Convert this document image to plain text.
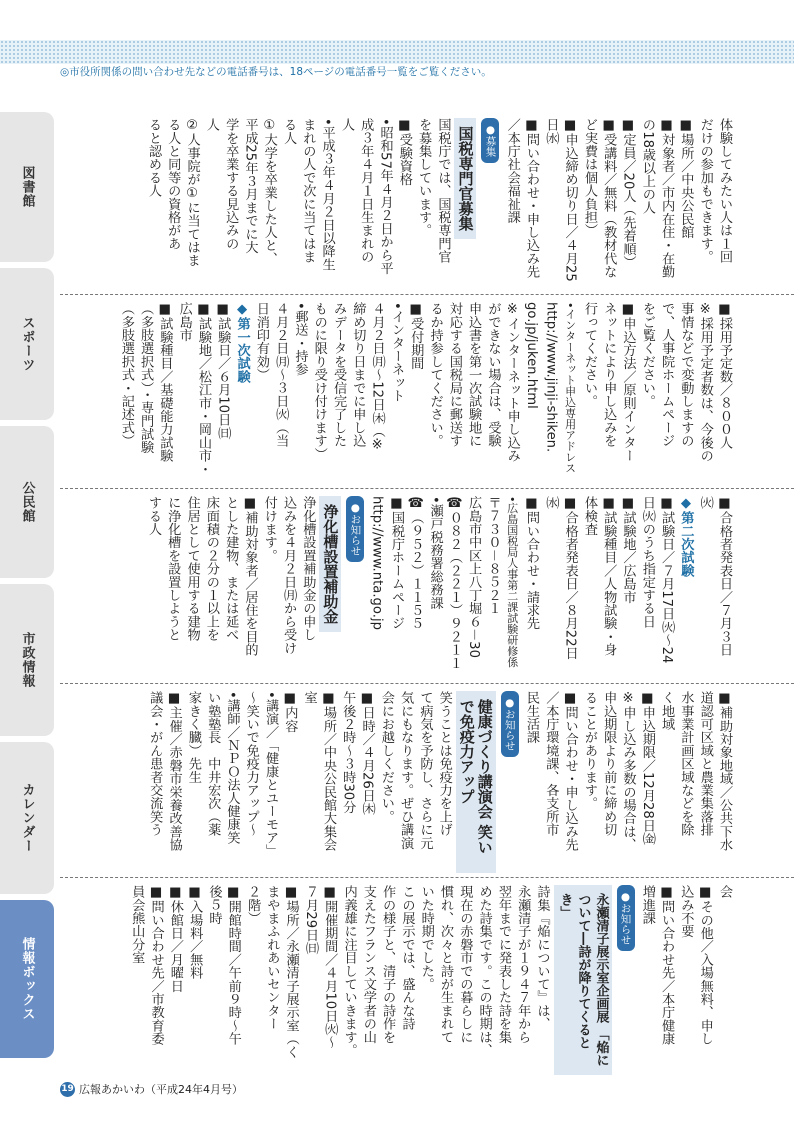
◎市役所関係の問い合わせ先などの電話番号は、18ページの電話番号一覧をご覧ください。
図書館
スポーツ
公民館
市政情報
カレンダー
情報ボックス

体験してみたい人は１回

だけの参加もできます。

■場所／中央公民館

■対象者／市内在住・在勤

の18歳以上の人

■定員／20人（先着順）

■受講料／無料（教材代な

ど実費は個人負担）

■申込締め切り日／４月25

日㈬

■問い合わせ・申し込み先

／本庁社会福祉課

●募集

国税専門官募集

国税庁では、国税専門官

を募集しています。

■受験資格

•昭和57年４月２日から平

成３年４月１日生まれの

人

•平成３年４月２日以降生

まれの人で次に当てはま

る人

①大学を卒業した人と、

平成25年３月までに大

学を卒業する見込みの

人

②人事院が①に当てはま

る人と同等の資格があ

ると認める人

■採用予定数／８００人

※採用予定者数は、今後の

事情などで変動しますの

で、人事院ホームページ

をご覧ください。

■申込方法／原則インター

ネットにより申し込みを

行ってください。

•インターネット申込専用アドレス

http://www.jinji-shiken.

go.jp/juken.html

※インターネット申し込み

ができない場合は、受験

申込書を第一次試験地に

対応する国税局に郵送す

るか持参してください。

■受付期間

•インターネット

４月２日㈪～12日㈭（※

締め切り日までに申し込

みデータを受信完了した

ものに限り受け付けます）

•郵送・持参

４月２日㈪～３日㈫（当

日消印有効）

◆第一次試験

■試験日／６月10日㈰

■試験地／松江市・岡山市・

広島市

■試験種目／基礎能力試験

（多肢選択式）・専門試験

（多肢選択式・記述式）

■合格者発表日／７月３日

㈫

◆第二次試験

■試験日／７月17日㈫～24

日㈫のうち指定する日

■試験地／広島市

■試験種目／人物試験・身

体検査

■合格者発表日／８月22日

㈬

■問い合わせ・請求先

•広島国税局人事第二課試験研修係

〒７３０－８５２１

広島市中区上八丁堀６－30

☎０８２（２２１）９２１１

•瀬戸税務署総務課

☎（９５２）１１５５

■国税庁ホームページ

http://www.nta.go.jp

●お知らせ

浄化槽設置補助金

浄化槽設置補助金の申し

込みを４月２日㈪から受け

付けます。

■補助対象者／居住を目的

とした建物、または延べ

床面積の２分の１以上を

住居として使用する建物

に浄化槽を設置しようと

する人

■補助対象地域／公共下水

道認可区域と農業集落排

水事業計画区域などを除

く地域

■申込期限／12月28日㈮

※申し込み多数の場合は、

申込期限より前に締め切

ることがあります。

■問い合わせ・申し込み先

／本庁環境課、各支所市

民生活課

●お知らせ

健康づくり講演会 笑いで免疫力アップ

笑うことは免疫力を上げ

て病気を予防し、さらに元

気にもなります。ぜひ講演

会にお越しください。

■日時／４月26日㈭

午後２時～３時30分

■場所／中央公民館大集会

室

■内容

•講演／「健康とユーモア」

～笑いで免疫力アップ～

•講師／ＮＰＯ法人健康笑

い塾塾長　中井宏次（薬

家きく臓）先生

■主催／赤磐市栄養改善協

議会・がん患者交流笑う

会

■その他／入場無料、申し

込み不要

■問い合わせ先／本庁健康

増進課

●お知らせ

永瀬清子展示室企画展 「焔について―詩が降りてくるとき」

詩集『焔について』は、

永瀬清子が１９４７年から

翌年までに発表した詩を集

めた詩集です。この時期は、

現在の赤磐市での暮らしに

慣れ、次々と詩が生まれて

いた時期でした。

この展示では、盛んな詩

作の様子と、清子の詩作を

支えたフランス文学者の山

内義雄に注目していきます。

■開催期間／４月10日㈫～

７月29日㈰

■場所／永瀬清子展示室（く

まやまふれあいセンター

２階）

■開館時間／午前９時～午

後５時

■入場料／無料

■休館日／月曜日

■問い合わせ先／市教育委

員会熊山分室

19 広報あかいわ（平成24年4月号）
